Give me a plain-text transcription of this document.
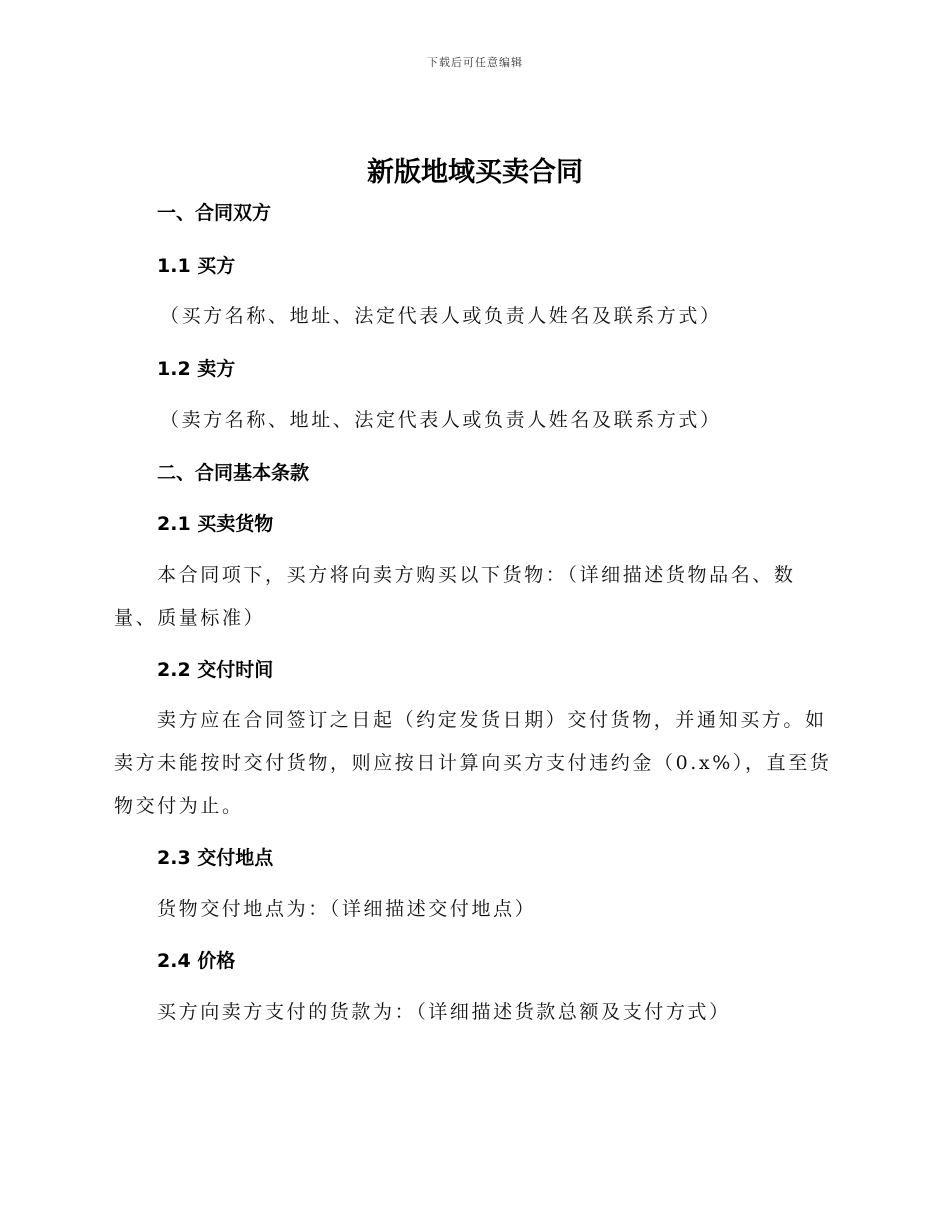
下载后可任意编辑
新版地域买卖合同
一、合同双方
1.1 买方

（买方名称、地址、法定代表人或负责人姓名及联系方式）

1.2 卖方

（卖方名称、地址、法定代表人或负责人姓名及联系方式）

二、合同基本条款
2.1 买卖货物

本合同项下，买方将向卖方购买以下货物：（详细描述货物品名、数

量、质量标准）

2.2 交付时间

卖方应在合同签订之日起（约定发货日期）交付货物，并通知买方。如

卖方未能按时交付货物，则应按日计算向买方支付违约金（0.x%），直至货

物交付为止。

2.3 交付地点

货物交付地点为：（详细描述交付地点）

2.4 价格

买方向卖方支付的货款为：（详细描述货款总额及支付方式）
